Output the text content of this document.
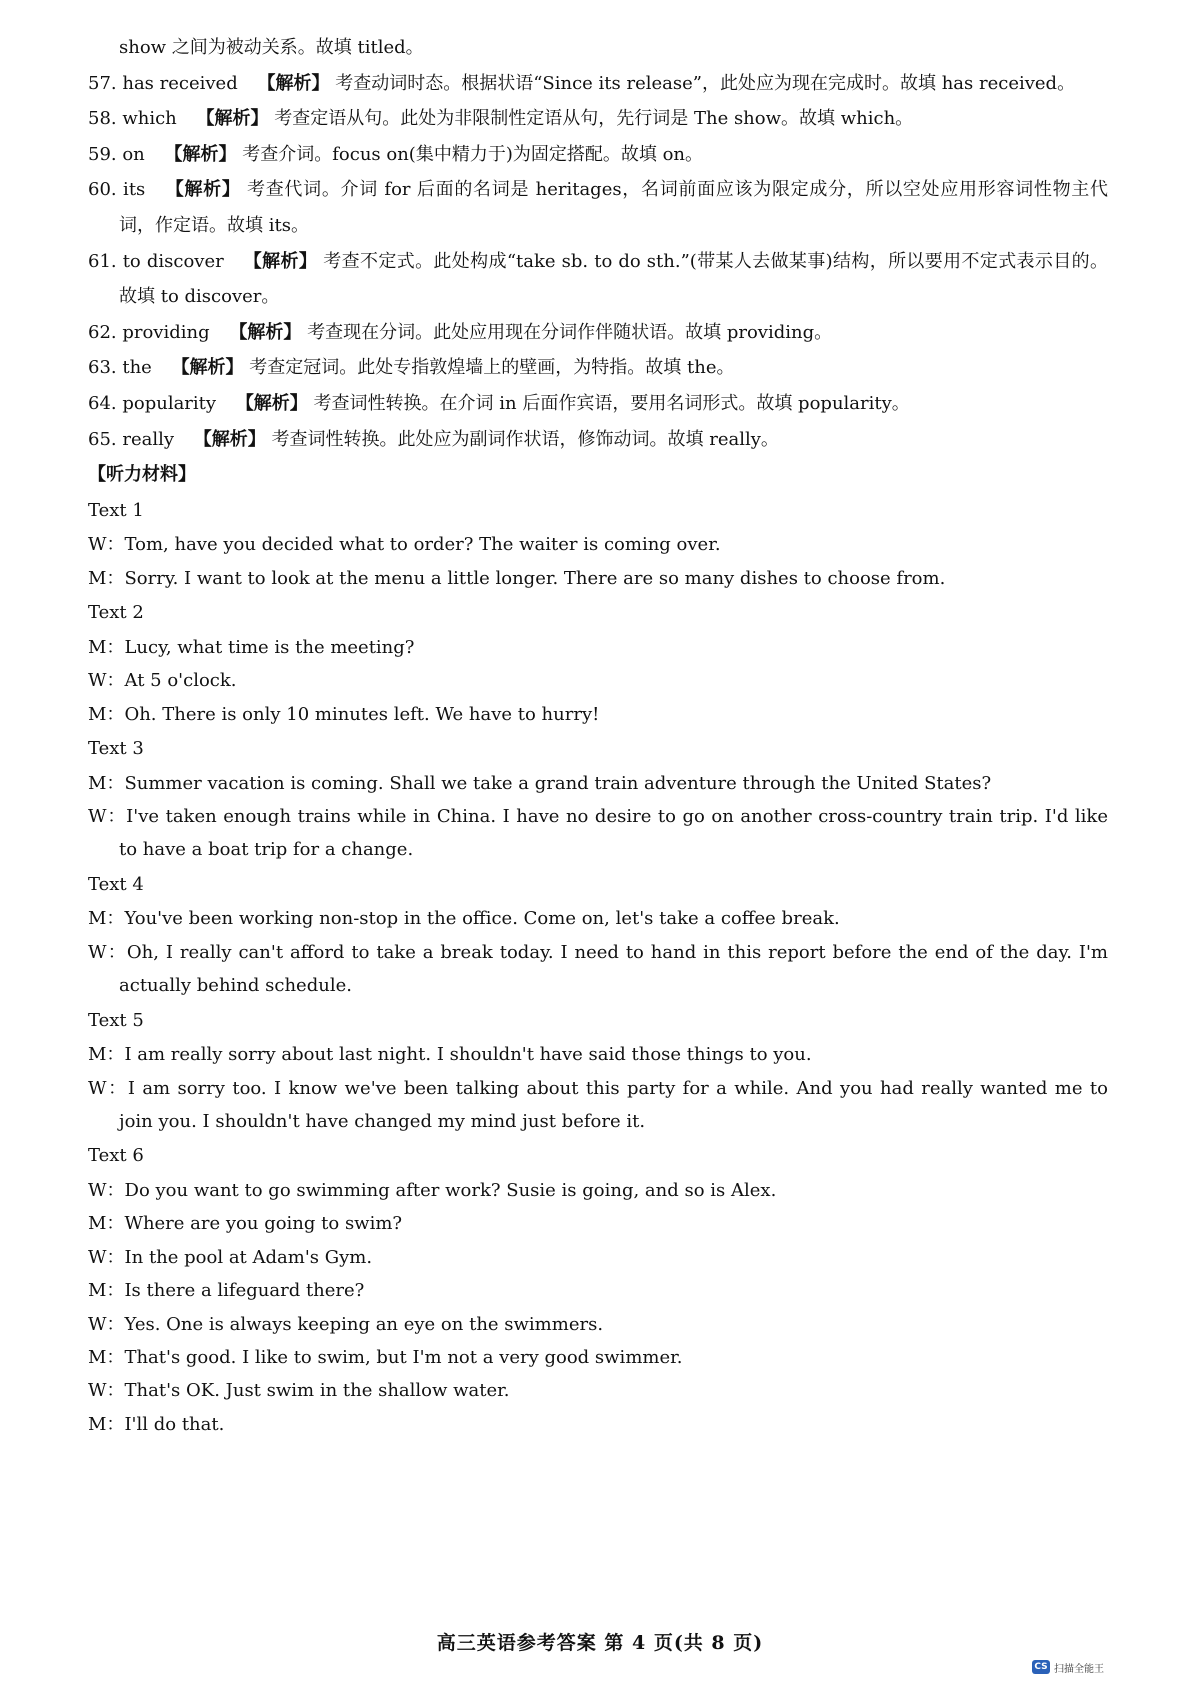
show 之间为被动关系。故填 titled。
57. has received 【解析】 考查动词时态。根据状语“Since its release”，此处应为现在完成时。故填 has received。
58. which 【解析】 考查定语从句。此处为非限制性定语从句，先行词是 The show。故填 which。
59. on 【解析】 考查介词。focus on(集中精力于)为固定搭配。故填 on。
60. its 【解析】 考查代词。介词 for 后面的名词是 heritages，名词前面应该为限定成分，所以空处应用形容词性物主代词，作定语。故填 its。
61. to discover 【解析】 考查不定式。此处构成“take sb. to do sth.”(带某人去做某事)结构，所以要用不定式表示目的。故填 to discover。
62. providing 【解析】 考查现在分词。此处应用现在分词作伴随状语。故填 providing。
63. the 【解析】 考查定冠词。此处专指敦煌墙上的壁画，为特指。故填 the。
64. popularity 【解析】 考查词性转换。在介词 in 后面作宾语，要用名词形式。故填 popularity。
65. really 【解析】 考查词性转换。此处应为副词作状语，修饰动词。故填 really。
【听力材料】
Text 1
W：Tom, have you decided what to order? The waiter is coming over.
M：Sorry. I want to look at the menu a little longer. There are so many dishes to choose from.
Text 2
M：Lucy, what time is the meeting?
W：At 5 o'clock.
M：Oh. There is only 10 minutes left. We have to hurry!
Text 3
M：Summer vacation is coming. Shall we take a grand train adventure through the United States?
W：I've taken enough trains while in China. I have no desire to go on another cross-country train trip. I'd like to have a boat trip for a change.
Text 4
M：You've been working non-stop in the office. Come on, let's take a coffee break.
W：Oh, I really can't afford to take a break today. I need to hand in this report before the end of the day. I'm actually behind schedule.
Text 5
M：I am really sorry about last night. I shouldn't have said those things to you.
W：I am sorry too. I know we've been talking about this party for a while. And you had really wanted me to join you. I shouldn't have changed my mind just before it.
Text 6
W：Do you want to go swimming after work? Susie is going, and so is Alex.
M：Where are you going to swim?
W：In the pool at Adam's Gym.
M：Is there a lifeguard there?
W：Yes. One is always keeping an eye on the swimmers.
M：That's good. I like to swim, but I'm not a very good swimmer.
W：That's OK. Just swim in the shallow water.
M：I'll do that.
高三英语参考答案 第 4 页(共 8 页)
CS 扫描全能王
